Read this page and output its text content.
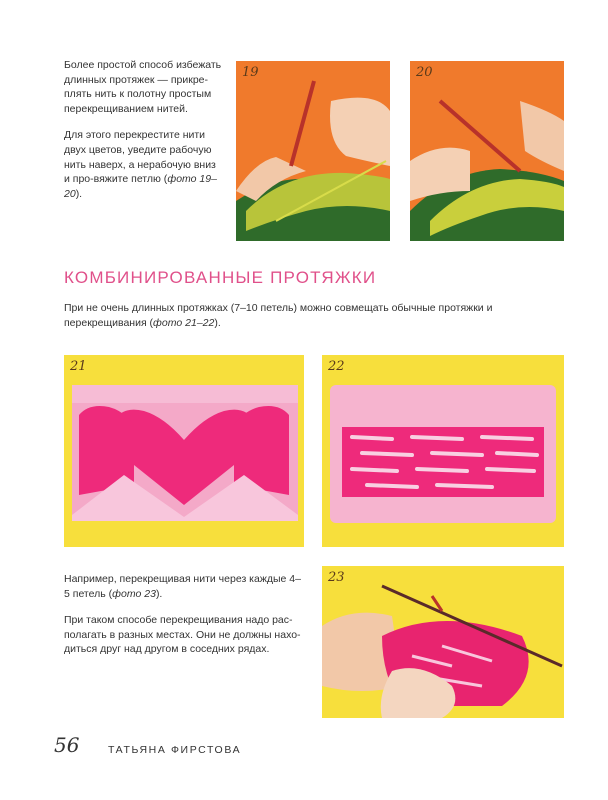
Более простой способ избежать длинных протяжек — прикре-плять нить к полотну простым перекрещиванием нитей.

Для этого перекрестите нити двух цветов, уведите рабочую нить наверх, а нерабочую вниз и про-вяжите петлю (фото 19–20).

19	20
КОМБИНИРОВАННЫЕ ПРОТЯЖКИ

При не очень длинных протяжках (7–10 петель) можно совмещать обычные протяжки и перекрещивания (фото 21–22).

21	22

Например, перекрещивая нити через каждые 4–5 петель (фото 23).

При таком способе перекрещивания надо рас-полагать в разных местах. Они не должны нахо-диться друг над другом в соседних рядах.

23
56	ТАТЬЯНА ФИРСТОВА
